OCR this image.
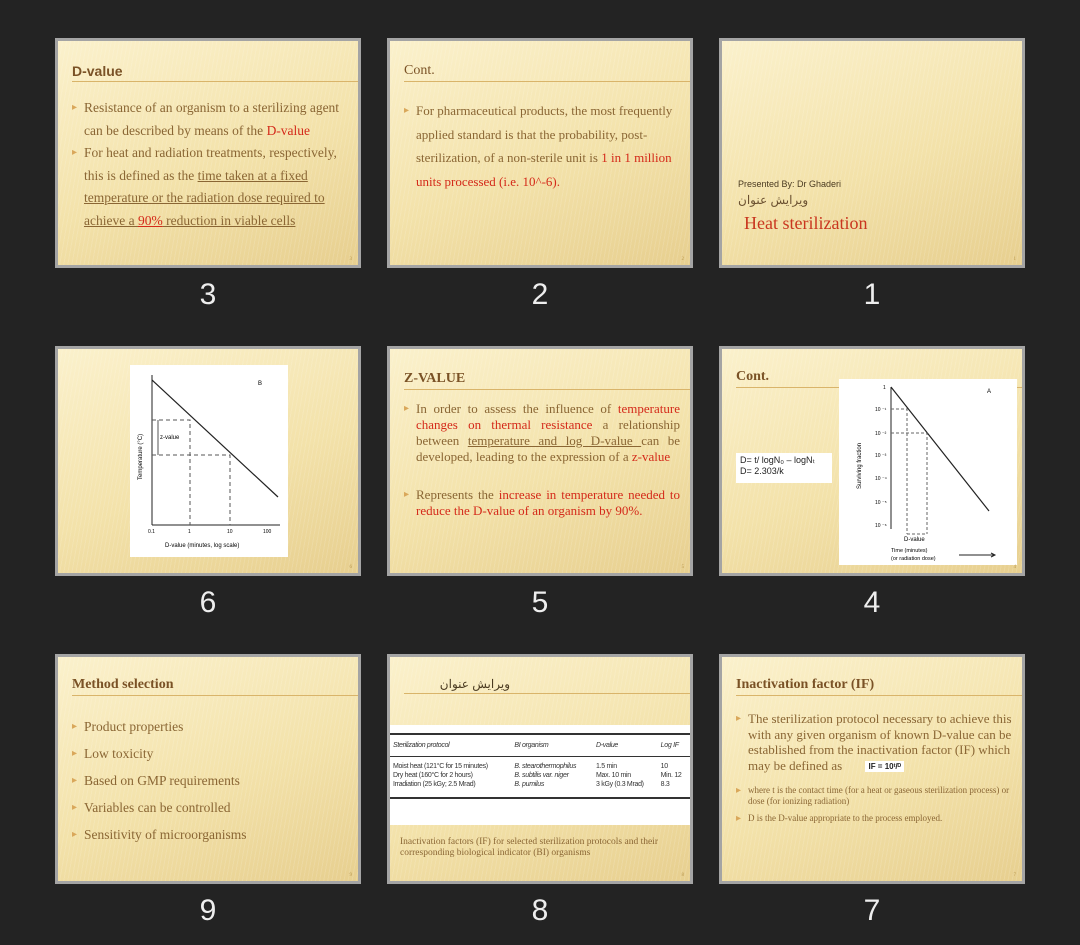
D-value
▸ Resistance of an organism to a sterilizing agent can be described by means of the D-value
▸ For heat and radiation treatments, respectively, this is defined as the time taken at a fixed temperature or the radiation dose required to achieve a 90% reduction in viable cells
3
3
Cont.
▸ For pharmaceutical products, the most frequently applied standard is that the probability, post-sterilization, of a non-sterile unit is 1 in 1 million units processed (i.e. 10^-6).
2
2
Presented By: Dr Ghaderi
ویرایش عنوان
Heat sterilization
1
1
z-value
B
Temperature (°C)
0.1	1	10	100
D-value (minutes, log scale)
6
6
Z-VALUE
▸ In order to assess the influence of temperature changes on thermal resistance a relationship between temperature and log D-value can be developed, leading to the expression of a z-value
▸ Represents the increase in temperature needed to reduce the D-value of an organism by 90%.
5
5
Cont.
D= t/ logN₀ – logNₜ
D= 2.303/k
1
10 ⁻¹
10 ⁻²
10 ⁻³
10 ⁻⁴
10 ⁻⁵
10 ⁻⁶
A
Surviving fraction
D-value
Time (minutes)
(or radiation dose)
4
4
Method selection
▸ Product properties
▸ Low toxicity
▸ Based on GMP requirements
▸ Variables can be controlled
▸ Sensitivity of microorganisms
9
9
ویرایش عنوان
Sterilization protocol	BI organism	D-value	Log IF

Moist heat (121°C for 15 minutes)	B. stearothermophilus	1.5 min	10
Dry heat (160°C for 2 hours)	B. subtilis var. niger	Max. 10 min	Min. 12
Irradiation (25 kGy; 2.5 Mrad)	B. pumilus	3 kGy (0.3 Mrad)	8.3
Inactivation factors (IF) for selected sterilization protocols and their corresponding biological indicator (BI) organisms
8
8
Inactivation factor (IF)
▸ The sterilization protocol necessary to achieve this with any given organism of known D-value can be established from the inactivation factor (IF) which may be defined as	IF = 10ᵗ/ᴰ
▸ where t is the contact time (for a heat or gaseous sterilization process) or dose (for ionizing radiation)
▸ D is the D-value appropriate to the process employed.
7
7
